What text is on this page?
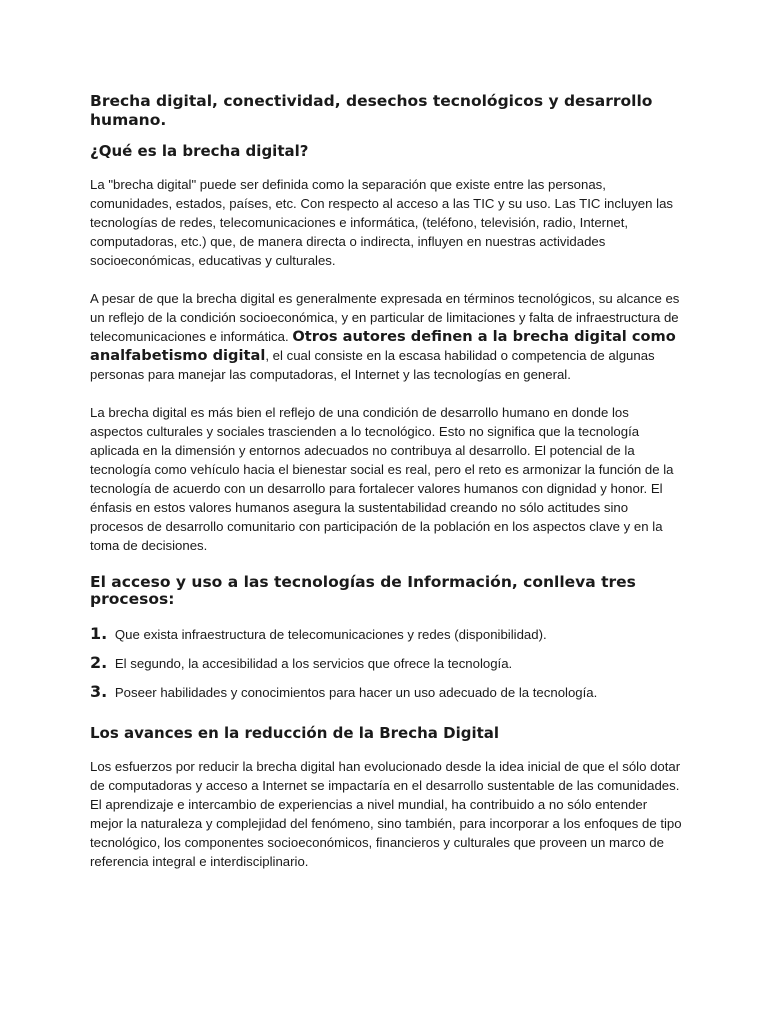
Brecha digital, conectividad, desechos tecnológicos y desarrollo humano.
¿Qué es la brecha digital?

La "brecha digital" puede ser definida como la separación que existe entre las personas, comunidades, estados, países, etc. Con respecto al acceso a las TIC y su uso. Las TIC incluyen las tecnologías de redes, telecomunicaciones e informática, (teléfono, televisión, radio, Internet, computadoras, etc.) que, de manera directa o indirecta, influyen en nuestras actividades socioeconómicas, educativas y culturales.

A pesar de que la brecha digital es generalmente expresada en términos tecnológicos, su alcance es un reflejo de la condición socioeconómica, y en particular de limitaciones y falta de infraestructura de telecomunicaciones e informática. Otros autores definen a la brecha digital como analfabetismo digital, el cual consiste en la escasa habilidad o competencia de algunas personas para manejar las computadoras, el Internet y las tecnologías en general.

La brecha digital es más bien el reflejo de una condición de desarrollo humano en donde los aspectos culturales y sociales trascienden a lo tecnológico. Esto no significa que la tecnología aplicada en la dimensión y entornos adecuados no contribuya al desarrollo. El potencial de la tecnología como vehículo hacia el bienestar social es real, pero el reto es armonizar la función de la tecnología de acuerdo con un desarrollo para fortalecer valores humanos con dignidad y honor. El énfasis en estos valores humanos asegura la sustentabilidad creando no sólo actitudes sino procesos de desarrollo comunitario con participación de la población en los aspectos clave y en la toma de decisiones.

El acceso y uso a las tecnologías de Información, conlleva tres procesos:
1. Que exista infraestructura de telecomunicaciones y redes (disponibilidad).
2. El segundo, la accesibilidad a los servicios que ofrece la tecnología.
3. Poseer habilidades y conocimientos para hacer un uso adecuado de la tecnología.
Los avances en la reducción de la Brecha Digital

Los esfuerzos por reducir la brecha digital han evolucionado desde la idea inicial de que el sólo dotar de computadoras y acceso a Internet se impactaría en el desarrollo sustentable de las comunidades. El aprendizaje e intercambio de experiencias a nivel mundial, ha contribuido a no sólo entender mejor la naturaleza y complejidad del fenómeno, sino también, para incorporar a los enfoques de tipo tecnológico, los componentes socioeconómicos, financieros y culturales que proveen un marco de referencia integral e interdisciplinario.
